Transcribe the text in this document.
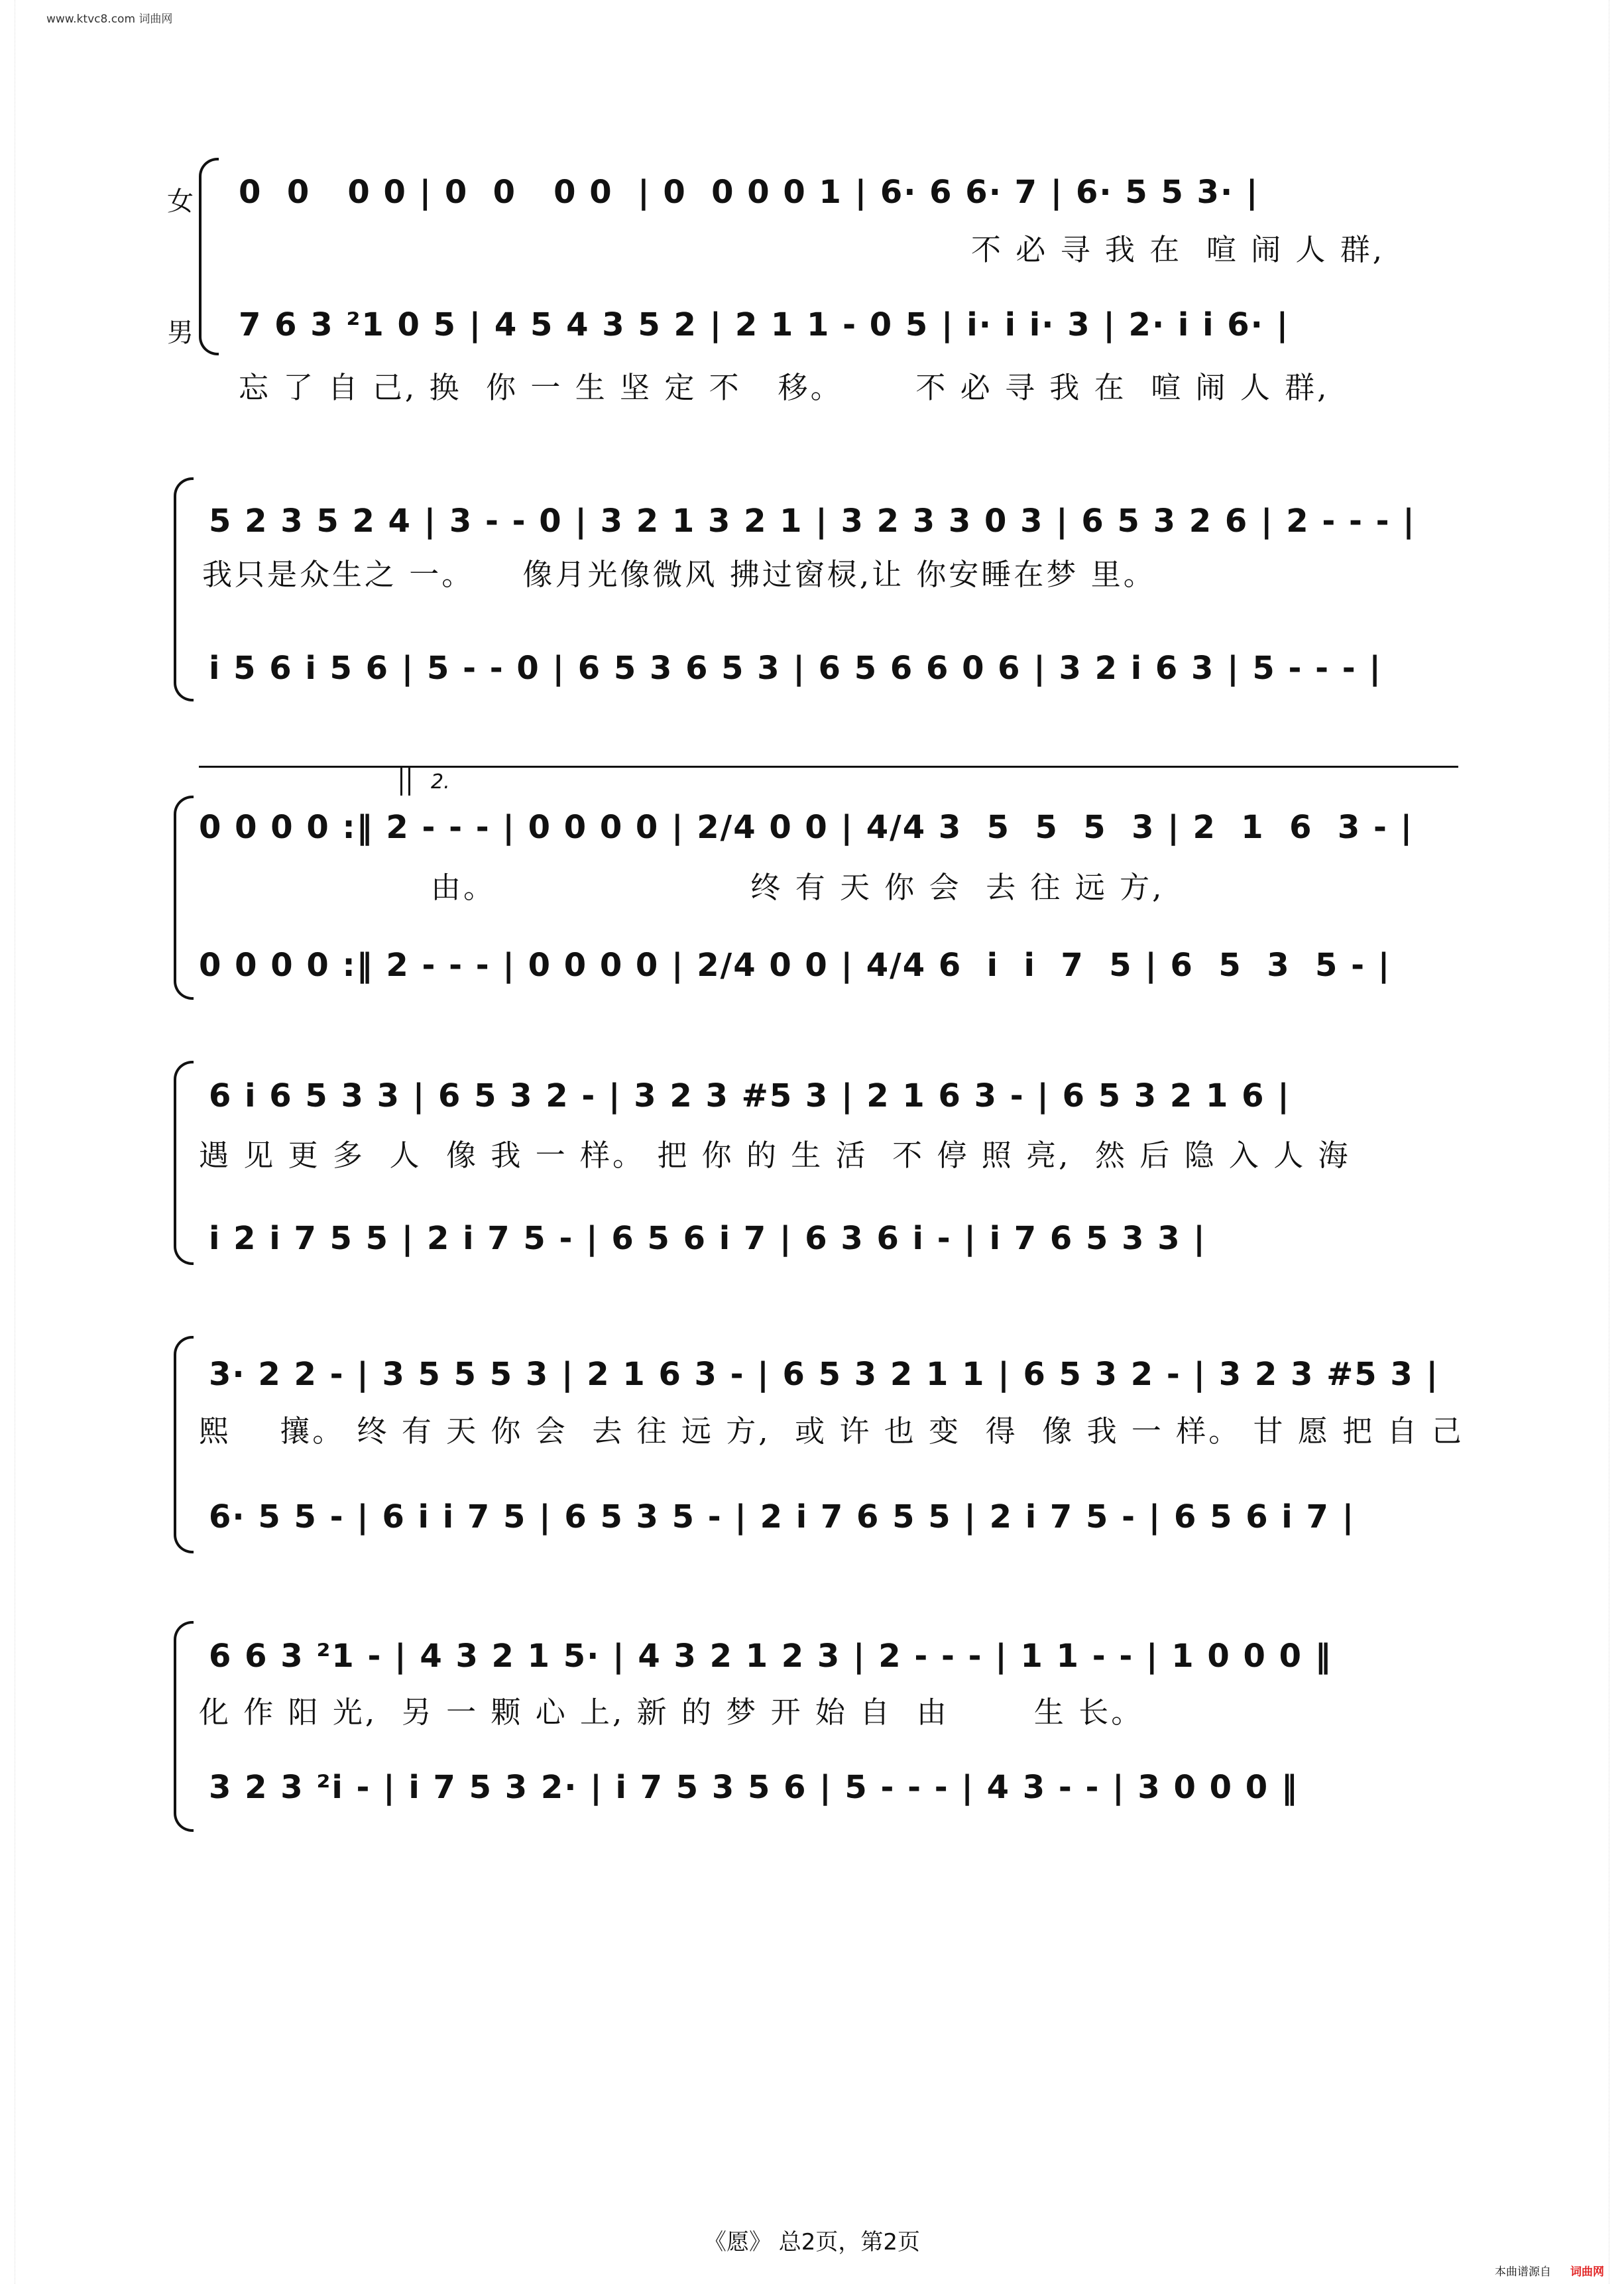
www.ktvc8.com 词曲网
女
男
0  0   0 0 | 0  0   0 0  | 0  0 0 0 1 | 6· 6 6· 7 | 6· 5 5 3· |
不 必 寻 我 在  喧 闹 人 群,
7 6 3 ²1 0 5 | 4 5 4 3 5 2 | 2 1 1 - 0 5 | i· i i· 3 | 2· i i 6· |
忘 了 自 己, 换  你 一 生 坚 定 不   移。      不 必 寻 我 在  喧 闹 人 群,
5 2 3 5 2 4 | 3 - - 0 | 3 2 1 3 2 1 | 3 2 3 3 0 3 | 6 5 3 2 6 | 2 - - - |
我只是众生之 一。    像月光像微风 拂过窗棂,让 你安睡在梦 里。
i 5 6 i 5 6 | 5 - - 0 | 6 5 3 6 5 3 | 6 5 6 6 0 6 | 3 2 i 6 3 | 5 - - - |
2.
0 0 0 0 :‖ 2 - - - | 0 0 0 0 | 2/4 0 0 | 4/4 3  5  5  5  3 | 2  1  6  3 - |
由。                     终 有 天 你 会  去 往 远 方,
0 0 0 0 :‖ 2 - - - | 0 0 0 0 | 2/4 0 0 | 4/4 6  i  i  7  5 | 6  5  3  5 - |
6 i 6 5 3 3 | 6 5 3 2 - | 3 2 3 #5 3 | 2 1 6 3 - | 6 5 3 2 1 6 |
遇 见 更 多  人  像 我 一 样。 把 你 的 生 活  不 停 照 亮,  然 后 隐 入 人 海
i 2 i 7 5 5 | 2 i 7 5 - | 6 5 6 i 7 | 6 3 6 i - | i 7 6 5 3 3 |
3· 2 2 - | 3 5 5 5 3 | 2 1 6 3 - | 6 5 3 2 1 1 | 6 5 3 2 - | 3 2 3 #5 3 |
熙    攘。 终 有 天 你 会  去 往 远 方,  或 许 也 变  得  像 我 一 样。 甘 愿 把 自 己
6· 5 5 - | 6 i i 7 5 | 6 5 3 5 - | 2 i 7 6 5 5 | 2 i 7 5 - | 6 5 6 i 7 |
6 6 3 ²1 - | 4 3 2 1 5· | 4 3 2 1 2 3 | 2 - - - | 1 1 - - | 1 0 0 0 ‖
化 作 阳 光,  另 一 颗 心 上, 新 的 梦 开 始 自  由       生 长。
3 2 3 ²i - | i 7 5 3 2· | i 7 5 3 5 6 | 5 - - - | 4 3 - - | 3 0 0 0 ‖
《愿》 总2页，第2页
本曲谱源自 词曲网
